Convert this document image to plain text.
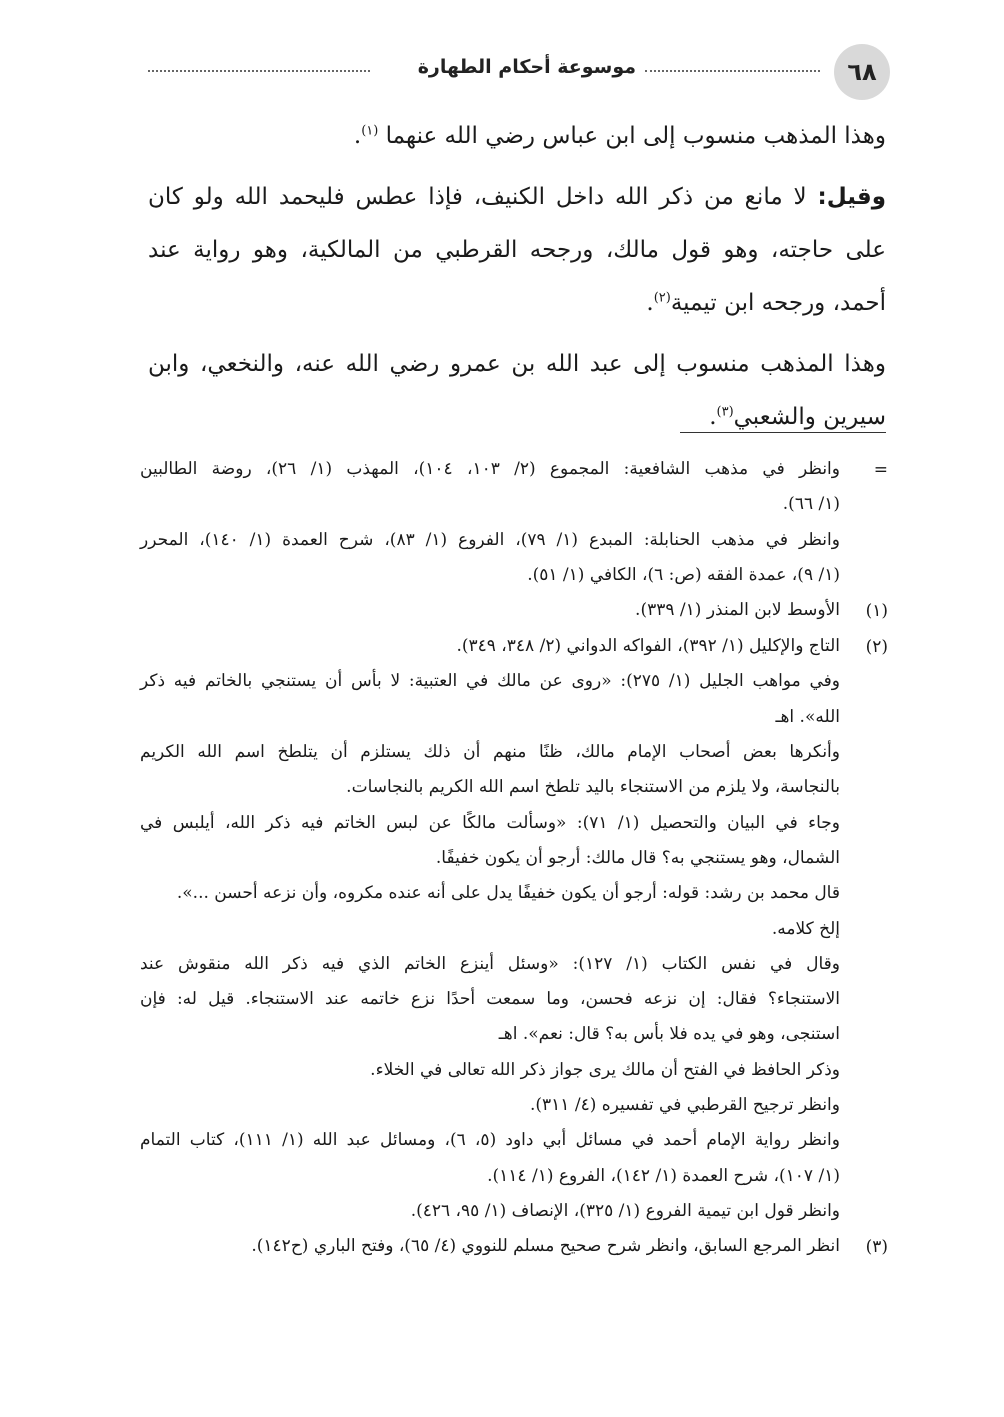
٦٨
موسوعة أحكام الطهارة

وهذا المذهب منسوب إلى ابن عباس رضي الله عنهما $^{(١)}$.

وقيل: لا مانع من ذكر الله داخل الكنيف، فإذا عطس فليحمد الله ولو كان على حاجته، وهو قول مالك، ورجحه القرطبي من المالكية، وهو رواية عند أحمد، ورجحه ابن تيمية$^{(٢)}$.

وهذا المذهب منسوب إلى عبد الله بن عمرو رضي الله عنه، والنخعي، وابن سيرين والشعبي$^{(٣)}$.

=

وانظر في مذهب الشافعية: المجموع (٢/ ١٠٣، ١٠٤)، المهذب (١/ ٢٦)، روضة الطالبين

(١/ ٦٦).

وانظر في مذهب الحنابلة: المبدع (١/ ٧٩)، الفروع (١/ ٨٣)، شرح العمدة (١/ ١٤٠)، المحرر

(١/ ٩)، عمدة الفقه (ص: ٦)، الكافي (١/ ٥١).

(١)

الأوسط لابن المنذر (١/ ٣٣٩).

(٢)

التاج والإكليل (١/ ٣٩٢)، الفواكه الدواني (٢/ ٣٤٨، ٣٤٩).

وفي مواهب الجليل (١/ ٢٧٥): «روى عن مالك في العتبية: لا بأس أن يستنجي بالخاتم فيه ذكر

الله». اهـ

وأنكرها بعض أصحاب الإمام مالك، ظنًا منهم أن ذلك يستلزم أن يتلطخ اسم الله الكريم

بالنجاسة، ولا يلزم من الاستنجاء باليد تلطخ اسم الله الكريم بالنجاسات.

وجاء في البيان والتحصيل (١/ ٧١): «وسألت مالكًا عن لبس الخاتم فيه ذكر الله، أيلبس في

الشمال، وهو يستنجي به؟ قال مالك: أرجو أن يكون خفيفًا.

قال محمد بن رشد: قوله: أرجو أن يكون خفيفًا يدل على أنه عنده مكروه، وأن نزعه أحسن ...».

إلخ كلامه.

وقال في نفس الكتاب (١/ ١٢٧): «وسئل أينزع الخاتم الذي فيه ذكر الله منقوش عند

الاستنجاء؟ فقال: إن نزعه فحسن، وما سمعت أحدًا نزع خاتمه عند الاستنجاء. قيل له: فإن

استنجى، وهو في يده فلا بأس به؟ قال: نعم». اهـ

وذكر الحافظ في الفتح أن مالك يرى جواز ذكر الله تعالى في الخلاء.

وانظر ترجيح القرطبي في تفسيره (٤/ ٣١١).

وانظر رواية الإمام أحمد في مسائل أبي داود (٥، ٦)، ومسائل عبد الله (١/ ١١١)، كتاب التمام

(١/ ١٠٧)، شرح العمدة (١/ ١٤٢)، الفروع (١/ ١١٤).

وانظر قول ابن تيمية الفروع (١/ ٣٢٥)، الإنصاف (١/ ٩٥، ٤٢٦).

(٣)

انظر المرجع السابق، وانظر شرح صحيح مسلم للنووي (٤/ ٦٥)، وفتح الباري (ح١٤٢).
